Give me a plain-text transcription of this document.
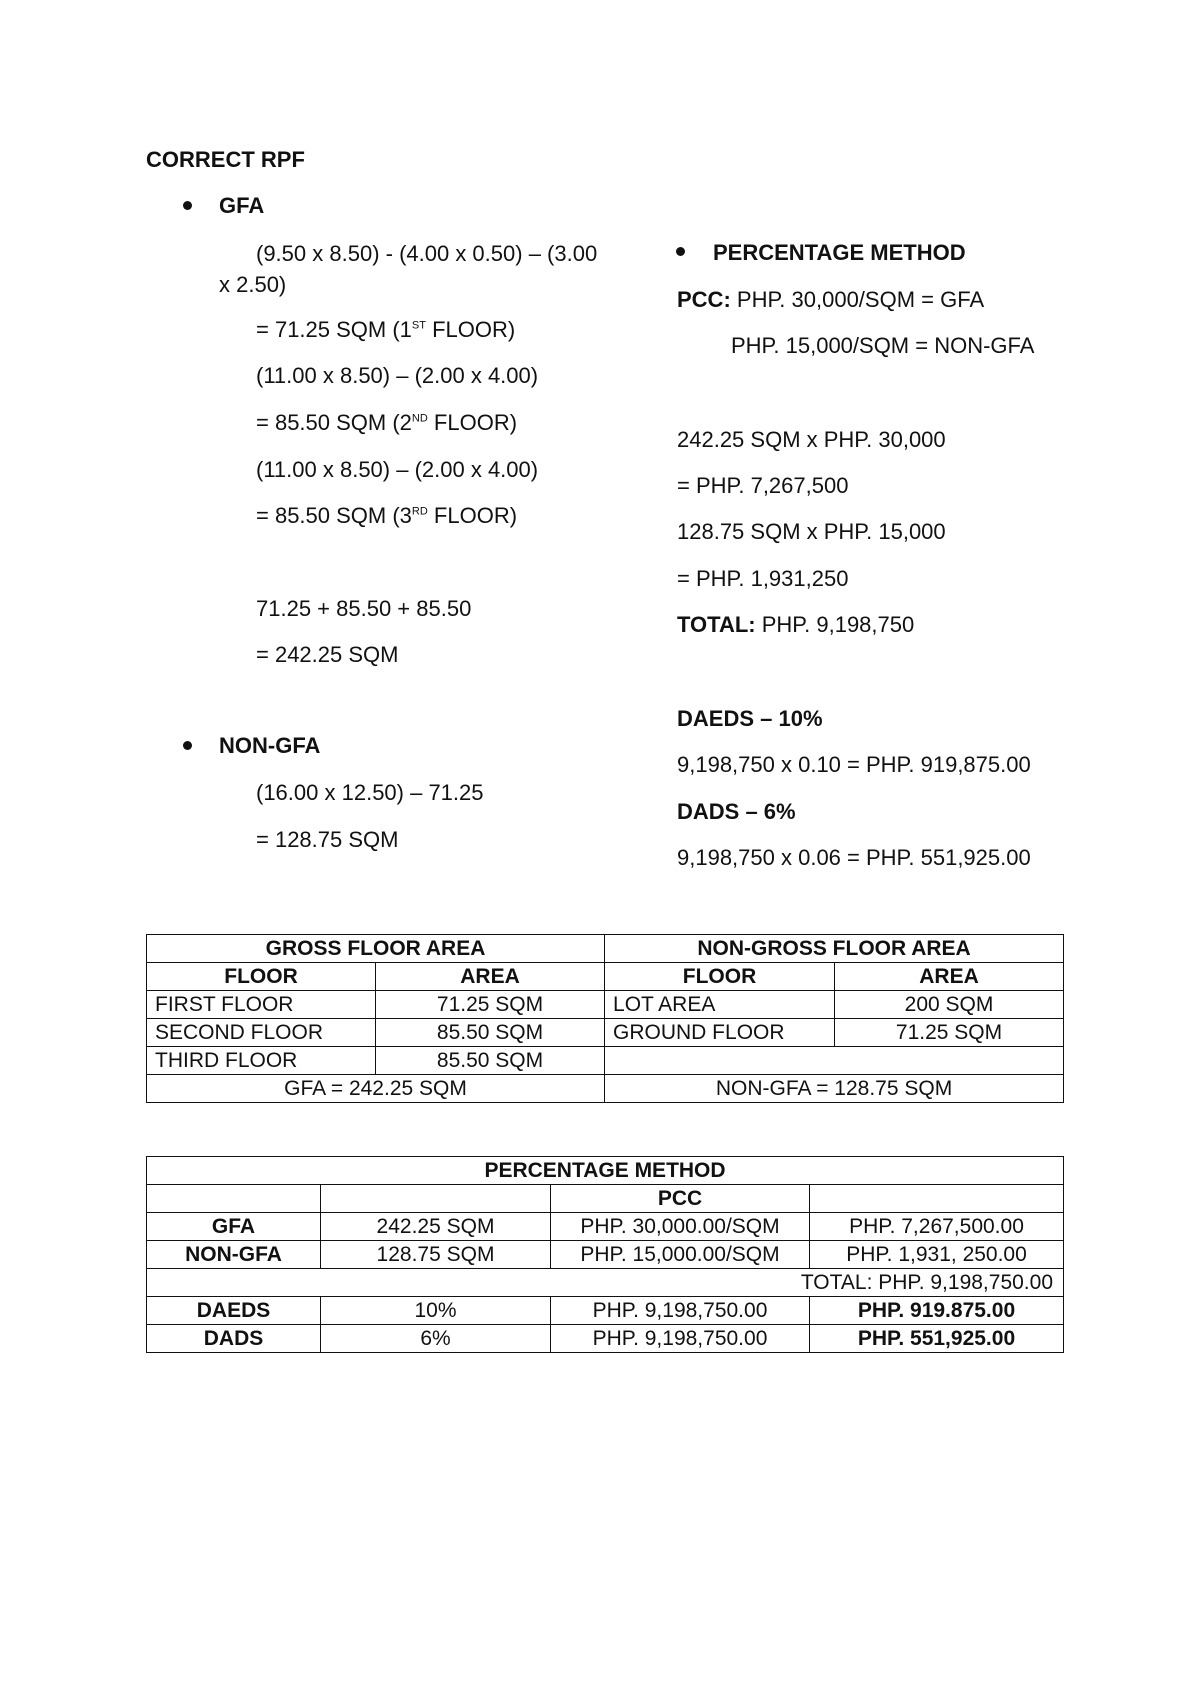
CORRECT RPF
GFA
(9.50 x 8.50) - (4.00 x 0.50) – (3.00
x 2.50)
= 71.25 SQM (1ST FLOOR)
(11.00 x 8.50) – (2.00 x 4.00)
= 85.50 SQM (2ND FLOOR)
(11.00 x 8.50) – (2.00 x 4.00)
= 85.50 SQM (3RD FLOOR)
71.25 + 85.50 + 85.50
= 242.25 SQM
NON-GFA
(16.00 x 12.50) – 71.25
= 128.75 SQM
PERCENTAGE METHOD
PCC: PHP. 30,000/SQM = GFA
PHP. 15,000/SQM = NON-GFA
242.25 SQM x PHP. 30,000
= PHP. 7,267,500
128.75 SQM x PHP. 15,000
= PHP. 1,931,250
TOTAL: PHP. 9,198,750
DAEDS – 10%
9,198,750 x 0.10 = PHP. 919,875.00
DADS – 6%
9,198,750 x 0.06 = PHP. 551,925.00
GROSS FLOOR AREA		NON-GROSS FLOOR AREA	
FLOOR	AREA	FLOOR	AREA
FIRST FLOOR	71.25 SQM	LOT AREA	200 SQM
SECOND FLOOR	85.50 SQM	GROUND FLOOR	71.25 SQM
THIRD FLOOR	85.50 SQM		
GFA = 242.25 SQM		NON-GFA = 128.75 SQM	
PERCENTAGE METHOD			
		PCC	
GFA	242.25 SQM	PHP. 30,000.00/SQM	PHP. 7,267,500.00
NON-GFA	128.75 SQM	PHP. 15,000.00/SQM	PHP. 1,931, 250.00
TOTAL: PHP. 9,198,750.00			
DAEDS	10%	PHP. 9,198,750.00	PHP. 919.875.00
DADS	6%	PHP. 9,198,750.00	PHP. 551,925.00
